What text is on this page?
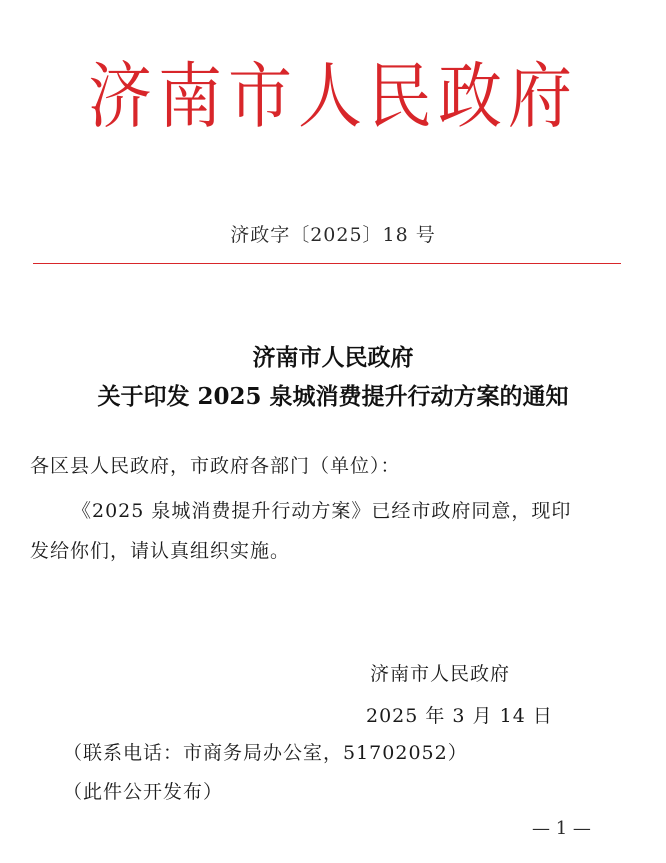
济南市人民政府
济政字〔2025〕18 号
济南市人民政府
关于印发 2025 泉城消费提升行动方案的通知
各区县人民政府，市政府各部门（单位）：
《2025 泉城消费提升行动方案》已经市政府同意，现印
发给你们，请认真组织实施。
济南市人民政府
2025 年 3 月 14 日
（联系电话：市商务局办公室，51702052）
（此件公开发布）
— 1 —
